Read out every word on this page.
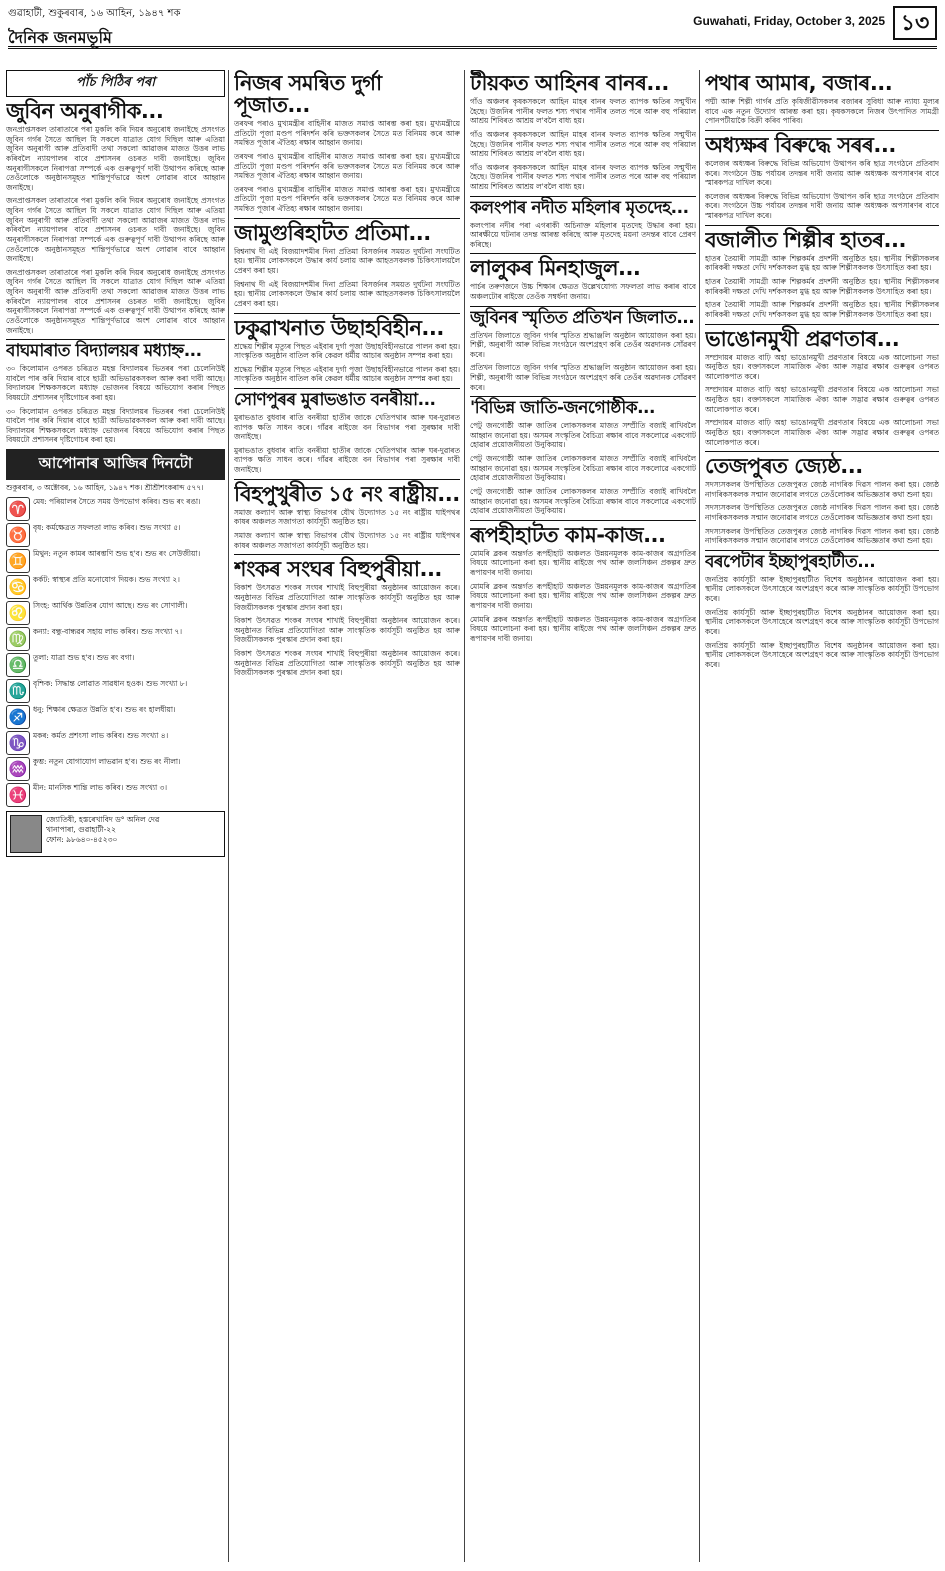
গুৱাহাটী, শুকুৰবাৰ, ১৬ আহিন, ১৯৪৭ শক
দৈনিক জনমভূমি
Guwahati, Friday, October 3, 2025 ১৩
পাঁচ পিঠিৰ পৰা
জুবিন অনুৰাগীক...

জনপ্ৰাপ্তসকল তাৰাতাৰে পৰা মুকলি কৰি দিয়ৰ অনুৰোধ জনাইছে প্ৰসংগত জুবিন গৰ্গৰ সৈতে আছিল যি সকলে যাত্ৰাত যোগ দিছিল আৰু এতিয়া জুবিন অনুৰাগী আৰু প্ৰতিবাদী তথা সকলো আৱাজৰ মাজত উত্তৰ লাভ কৰিবলৈ ন্যায়পালৰ বাবে প্ৰশাসনৰ ওচৰত দাবী জনাইছে। জুবিন অনুৰাগীসকলে নিৰাপত্তা সম্পৰ্কে এক গুৰুত্বপূৰ্ণ দাবী উত্থাপন কৰিছে আৰু তেওঁলোকে অনুষ্ঠানসমূহত শান্তিপূৰ্ণভাৱে অংশ লোৱাৰ বাবে আহ্বান জনাইছে।

জনপ্ৰাপ্তসকল তাৰাতাৰে পৰা মুকলি কৰি দিয়ৰ অনুৰোধ জনাইছে প্ৰসংগত জুবিন গৰ্গৰ সৈতে আছিল যি সকলে যাত্ৰাত যোগ দিছিল আৰু এতিয়া জুবিন অনুৰাগী আৰু প্ৰতিবাদী তথা সকলো আৱাজৰ মাজত উত্তৰ লাভ কৰিবলৈ ন্যায়পালৰ বাবে প্ৰশাসনৰ ওচৰত দাবী জনাইছে। জুবিন অনুৰাগীসকলে নিৰাপত্তা সম্পৰ্কে এক গুৰুত্বপূৰ্ণ দাবী উত্থাপন কৰিছে আৰু তেওঁলোকে অনুষ্ঠানসমূহত শান্তিপূৰ্ণভাৱে অংশ লোৱাৰ বাবে আহ্বান জনাইছে।

জনপ্ৰাপ্তসকল তাৰাতাৰে পৰা মুকলি কৰি দিয়ৰ অনুৰোধ জনাইছে প্ৰসংগত জুবিন গৰ্গৰ সৈতে আছিল যি সকলে যাত্ৰাত যোগ দিছিল আৰু এতিয়া জুবিন অনুৰাগী আৰু প্ৰতিবাদী তথা সকলো আৱাজৰ মাজত উত্তৰ লাভ কৰিবলৈ ন্যায়পালৰ বাবে প্ৰশাসনৰ ওচৰত দাবী জনাইছে। জুবিন অনুৰাগীসকলে নিৰাপত্তা সম্পৰ্কে এক গুৰুত্বপূৰ্ণ দাবী উত্থাপন কৰিছে আৰু তেওঁলোকে অনুষ্ঠানসমূহত শান্তিপূৰ্ণভাৱে অংশ লোৱাৰ বাবে আহ্বান জনাইছে।

বাঘমাৰাত বিদ্যালয়ৰ মধ্যাহ্ন...

৩০ কিলোমান ওপৰত চৰিত্ৰত মহন্ত বিদ্যালয়ৰ ভিতৰৰ পৰা চেলেনিউই যাবলৈ পাৰ কৰি দিয়াৰ বাবে ছাত্ৰী অভিভাৱকসকল আৰু কৰা দাবী আছে। বিদ্যালয়ৰ শিক্ষকসকলে মধ্যাহ্ন ভোজনৰ বিষয়ে অভিযোগ কৰাৰ পিছত বিষয়টো প্ৰশাসনৰ দৃষ্টিগোচৰ কৰা হয়।

৩০ কিলোমান ওপৰত চৰিত্ৰত মহন্ত বিদ্যালয়ৰ ভিতৰৰ পৰা চেলেনিউই যাবলৈ পাৰ কৰি দিয়াৰ বাবে ছাত্ৰী অভিভাৱকসকল আৰু কৰা দাবী আছে। বিদ্যালয়ৰ শিক্ষকসকলে মধ্যাহ্ন ভোজনৰ বিষয়ে অভিযোগ কৰাৰ পিছত বিষয়টো প্ৰশাসনৰ দৃষ্টিগোচৰ কৰা হয়।

আপোনাৰ আজিৰ দিনটো

শুকুৰবাৰ, ৩ অক্টোবৰ, ১৬ আহিন, ১৯৪৭ শক। শ্ৰীশ্ৰীশংকৰাব্দ ৫৭৭।

♈ মেষ: পৰিয়ালৰ সৈতে সময় উপভোগ কৰিব। শুভ ৰং ৰঙা।

♉ বৃষ: কৰ্মক্ষেত্ৰত সফলতা লাভ কৰিব। শুভ সংখ্যা ৫।

♊ মিথুন: নতুন কামৰ আৰম্ভণি শুভ হ'ব। শুভ ৰং সেউজীয়া।

♋ কৰ্কট: স্বাস্থ্যৰ প্ৰতি মনোযোগ দিয়ক। শুভ সংখ্যা ২।

♌ সিংহ: আৰ্থিক উন্নতিৰ যোগ আছে। শুভ ৰং সোণালী।

♍ কন্যা: বন্ধু-বান্ধৱৰ সহায় লাভ কৰিব। শুভ সংখ্যা ৭।

♎ তুলা: যাত্ৰা শুভ হ'ব। শুভ ৰং বগা।

♏ বৃশ্চিক: সিদ্ধান্ত লোৱাত সাৱধান হওক। শুভ সংখ্যা ৮।

♐ ধনু: শিক্ষাৰ ক্ষেত্ৰত উন্নতি হ'ব। শুভ ৰং হালধীয়া।

♑ মকৰ: কৰ্মত প্ৰশংসা লাভ কৰিব। শুভ সংখ্যা ৪।

♒ কুম্ভ: নতুন যোগাযোগ লাভৱান হ'ব। শুভ ৰং নীলা।

♓ মীন: মানসিক শান্তি লাভ কৰিব। শুভ সংখ্যা ৩।

জ্যোতিষী, হস্তৰেখাবিদ ড° অনিল দেৱ
খানাপাৰা, গুৱাহাটী-২২
ফোন: ৯৮৬৪০-৪৫২৩০
নিজৰ সমন্বিত দুৰ্গা পূজাত...

তৰফৰ পৰাও মুখ্যমন্ত্ৰীৰ বাহিনীৰ মাজত সমাপ্ত আৰম্ভ কৰা হয়। মুখ্যমন্ত্ৰীয়ে প্ৰতিটো পূজা মণ্ডপ পৰিদৰ্শন কৰি ভক্তসকলৰ সৈতে মত বিনিময় কৰে আৰু সমন্বিত পূজাৰ ঐতিহ্য ৰক্ষাৰ আহ্বান জনায়।

তৰফৰ পৰাও মুখ্যমন্ত্ৰীৰ বাহিনীৰ মাজত সমাপ্ত আৰম্ভ কৰা হয়। মুখ্যমন্ত্ৰীয়ে প্ৰতিটো পূজা মণ্ডপ পৰিদৰ্শন কৰি ভক্তসকলৰ সৈতে মত বিনিময় কৰে আৰু সমন্বিত পূজাৰ ঐতিহ্য ৰক্ষাৰ আহ্বান জনায়।

তৰফৰ পৰাও মুখ্যমন্ত্ৰীৰ বাহিনীৰ মাজত সমাপ্ত আৰম্ভ কৰা হয়। মুখ্যমন্ত্ৰীয়ে প্ৰতিটো পূজা মণ্ডপ পৰিদৰ্শন কৰি ভক্তসকলৰ সৈতে মত বিনিময় কৰে আৰু সমন্বিত পূজাৰ ঐতিহ্য ৰক্ষাৰ আহ্বান জনায়।

জামুগুৰিহাটত প্ৰতিমা...

বিশ্বনাথ দী এই বিজয়াদশমীৰ দিনা প্ৰতিমা বিসৰ্জনৰ সময়ত দুৰ্ঘটনা সংঘটিত হয়। স্থানীয় লোকসকলে উদ্ধাৰ কাৰ্য চলায় আৰু আহতসকলক চিকিৎসালয়লৈ প্ৰেৰণ কৰা হয়।

বিশ্বনাথ দী এই বিজয়াদশমীৰ দিনা প্ৰতিমা বিসৰ্জনৰ সময়ত দুৰ্ঘটনা সংঘটিত হয়। স্থানীয় লোকসকলে উদ্ধাৰ কাৰ্য চলায় আৰু আহতসকলক চিকিৎসালয়লৈ প্ৰেৰণ কৰা হয়।

ঢকুৱাখনাত উছাহবিহীন...

শ্ৰদ্ধেয় শিল্পীৰ মৃত্যুৰ পিছত এইবাৰ দুৰ্গা পূজা উছাহবিহীনভাৱে পালন কৰা হয়। সাংস্কৃতিক অনুষ্ঠান বাতিল কৰি কেৱল ধৰ্মীয় আচাৰ অনুষ্ঠান সম্পন্ন কৰা হয়।

শ্ৰদ্ধেয় শিল্পীৰ মৃত্যুৰ পিছত এইবাৰ দুৰ্গা পূজা উছাহবিহীনভাৱে পালন কৰা হয়। সাংস্কৃতিক অনুষ্ঠান বাতিল কৰি কেৱল ধৰ্মীয় আচাৰ অনুষ্ঠান সম্পন্ন কৰা হয়।

সোণপুৰৰ মুৰাভঙাত বনৰীয়া...

মুৰাভঙাত বুধবাৰ ৰাতি বনৰীয়া হাতীৰ জাকে খেতিপথাৰ আৰু ঘৰ-দুৱাৰত ব্যাপক ক্ষতি সাধন কৰে। গাঁৱৰ ৰাইজে বন বিভাগৰ পৰা সুৰক্ষাৰ দাবী জনাইছে।

মুৰাভঙাত বুধবাৰ ৰাতি বনৰীয়া হাতীৰ জাকে খেতিপথাৰ আৰু ঘৰ-দুৱাৰত ব্যাপক ক্ষতি সাধন কৰে। গাঁৱৰ ৰাইজে বন বিভাগৰ পৰা সুৰক্ষাৰ দাবী জনাইছে।

বিহপুখুৰীত ১৫ নং ৰাষ্ট্ৰীয়...

সমাজ কল্যাণ আৰু স্বাস্থ্য বিভাগৰ যৌথ উদ্যোগত ১৫ নং ৰাষ্ট্ৰীয় ঘাইপথৰ কাষৰ অঞ্চলত সজাগতা কাৰ্যসূচী অনুষ্ঠিত হয়।

সমাজ কল্যাণ আৰু স্বাস্থ্য বিভাগৰ যৌথ উদ্যোগত ১৫ নং ৰাষ্ট্ৰীয় ঘাইপথৰ কাষৰ অঞ্চলত সজাগতা কাৰ্যসূচী অনুষ্ঠিত হয়।

শংকৰ সংঘৰ বিহুপুৰীয়া...

বিকাশ উৎসৱত শংকৰ সংঘৰ শাখাই বিহুপুৰীয়া অনুষ্ঠানৰ আয়োজন কৰে। অনুষ্ঠানত বিভিন্ন প্ৰতিযোগিতা আৰু সাংস্কৃতিক কাৰ্যসূচী অনুষ্ঠিত হয় আৰু বিজয়ীসকলক পুৰস্কাৰ প্ৰদান কৰা হয়।

বিকাশ উৎসৱত শংকৰ সংঘৰ শাখাই বিহুপুৰীয়া অনুষ্ঠানৰ আয়োজন কৰে। অনুষ্ঠানত বিভিন্ন প্ৰতিযোগিতা আৰু সাংস্কৃতিক কাৰ্যসূচী অনুষ্ঠিত হয় আৰু বিজয়ীসকলক পুৰস্কাৰ প্ৰদান কৰা হয়।

বিকাশ উৎসৱত শংকৰ সংঘৰ শাখাই বিহুপুৰীয়া অনুষ্ঠানৰ আয়োজন কৰে। অনুষ্ঠানত বিভিন্ন প্ৰতিযোগিতা আৰু সাংস্কৃতিক কাৰ্যসূচী অনুষ্ঠিত হয় আৰু বিজয়ীসকলক পুৰস্কাৰ প্ৰদান কৰা হয়।

টীয়কত আহিনৰ বানৰ...

গাঁও অঞ্চলৰ কৃষকসকলে আহিন মাহৰ বানৰ ফলত ব্যাপক ক্ষতিৰ সন্মুখীন হৈছে। উজনিৰ পানীৰ ফলত শস্য পথাৰ পানীৰ তলত পৰে আৰু বহু পৰিয়াল আশ্ৰয় শিবিৰত আশ্ৰয় ল'বলৈ বাধ্য হয়।

গাঁও অঞ্চলৰ কৃষকসকলে আহিন মাহৰ বানৰ ফলত ব্যাপক ক্ষতিৰ সন্মুখীন হৈছে। উজনিৰ পানীৰ ফলত শস্য পথাৰ পানীৰ তলত পৰে আৰু বহু পৰিয়াল আশ্ৰয় শিবিৰত আশ্ৰয় ল'বলৈ বাধ্য হয়।

গাঁও অঞ্চলৰ কৃষকসকলে আহিন মাহৰ বানৰ ফলত ব্যাপক ক্ষতিৰ সন্মুখীন হৈছে। উজনিৰ পানীৰ ফলত শস্য পথাৰ পানীৰ তলত পৰে আৰু বহু পৰিয়াল আশ্ৰয় শিবিৰত আশ্ৰয় ল'বলৈ বাধ্য হয়।

কলংপাৰ নদীত মহিলাৰ মৃতদেহ...

কলংপাৰ নদীৰ পৰা এগৰাকী অচিনাক্ত মহিলাৰ মৃতদেহ উদ্ধাৰ কৰা হয়। আৰক্ষীয়ে ঘটনাৰ তদন্ত আৰম্ভ কৰিছে আৰু মৃতদেহ ময়না তদন্তৰ বাবে প্ৰেৰণ কৰিছে।

লালুকৰ মিনহাজুল...

পাৰ্চৰ তৰুণজনে উচ্চ শিক্ষাৰ ক্ষেত্ৰত উল্লেখযোগ্য সফলতা লাভ কৰাৰ বাবে অঞ্চলটোৰ ৰাইজে তেওঁক সম্বৰ্ধনা জনায়।

জুবিনৰ স্মৃতিত প্ৰতিখন জিলাত...

প্ৰতিখন জিলাতে জুবিন গৰ্গৰ স্মৃতিত শ্ৰদ্ধাঞ্জলি অনুষ্ঠান আয়োজন কৰা হয়। শিল্পী, অনুৰাগী আৰু বিভিন্ন সংগঠনে অংশগ্ৰহণ কৰি তেওঁৰ অৱদানক সোঁৱৰণ কৰে।

প্ৰতিখন জিলাতে জুবিন গৰ্গৰ স্মৃতিত শ্ৰদ্ধাঞ্জলি অনুষ্ঠান আয়োজন কৰা হয়। শিল্পী, অনুৰাগী আৰু বিভিন্ন সংগঠনে অংশগ্ৰহণ কৰি তেওঁৰ অৱদানক সোঁৱৰণ কৰে।

'বিভিন্ন জাতি-জনগোষ্ঠীক...

পেটু জনগোষ্ঠী আৰু জাতিৰ লোকসকলৰ মাজত সম্প্ৰীতি বজাই ৰাখিবলৈ আহ্বান জনোৱা হয়। অসমৰ সংস্কৃতিৰ বৈচিত্ৰ্য ৰক্ষাৰ বাবে সকলোৱে একগোট হোৱাৰ প্ৰয়োজনীয়তা উনুকিয়ায়।

পেটু জনগোষ্ঠী আৰু জাতিৰ লোকসকলৰ মাজত সম্প্ৰীতি বজাই ৰাখিবলৈ আহ্বান জনোৱা হয়। অসমৰ সংস্কৃতিৰ বৈচিত্ৰ্য ৰক্ষাৰ বাবে সকলোৱে একগোট হোৱাৰ প্ৰয়োজনীয়তা উনুকিয়ায়।

পেটু জনগোষ্ঠী আৰু জাতিৰ লোকসকলৰ মাজত সম্প্ৰীতি বজাই ৰাখিবলৈ আহ্বান জনোৱা হয়। অসমৰ সংস্কৃতিৰ বৈচিত্ৰ্য ৰক্ষাৰ বাবে সকলোৱে একগোট হোৱাৰ প্ৰয়োজনীয়তা উনুকিয়ায়।

ৰূপহীহাটত কাম-কাজ...

মোমৰি ব্লকৰ অন্তৰ্গত ৰূপহীহাট অঞ্চলত উন্নয়নমূলক কাম-কাজৰ অগ্ৰগতিৰ বিষয়ে আলোচনা কৰা হয়। স্থানীয় ৰাইজে পথ আৰু জলসিঞ্চন প্ৰকল্পৰ দ্ৰুত ৰূপায়ণৰ দাবী জনায়।

মোমৰি ব্লকৰ অন্তৰ্গত ৰূপহীহাট অঞ্চলত উন্নয়নমূলক কাম-কাজৰ অগ্ৰগতিৰ বিষয়ে আলোচনা কৰা হয়। স্থানীয় ৰাইজে পথ আৰু জলসিঞ্চন প্ৰকল্পৰ দ্ৰুত ৰূপায়ণৰ দাবী জনায়।

মোমৰি ব্লকৰ অন্তৰ্গত ৰূপহীহাট অঞ্চলত উন্নয়নমূলক কাম-কাজৰ অগ্ৰগতিৰ বিষয়ে আলোচনা কৰা হয়। স্থানীয় ৰাইজে পথ আৰু জলসিঞ্চন প্ৰকল্পৰ দ্ৰুত ৰূপায়ণৰ দাবী জনায়।

পথাৰ আমাৰ, বজাৰ...

পদ্মী আৰু শিল্পী গাৰ্গৰ প্ৰতি কৃষিজীৱীসকলৰ বজাৰৰ সুবিধা আৰু ন্যায্য মূল্যৰ বাবে এক নতুন উদ্যোগ আৰম্ভ কৰা হয়। কৃষকসকলে নিজৰ উৎপাদিত সামগ্ৰী পোনপটীয়াকৈ বিক্ৰী কৰিব পাৰিব।

অধ্যক্ষৰ বিৰুদ্ধে সৰৰ...

কলেজৰ অধ্যক্ষৰ বিৰুদ্ধে বিভিন্ন অভিযোগ উত্থাপন কৰি ছাত্ৰ সংগঠনে প্ৰতিবাদ কৰে। সংগঠনে উচ্চ পৰ্যায়ৰ তদন্তৰ দাবী জনায় আৰু অধ্যক্ষক অপসাৰণৰ বাবে স্মাৰকপত্ৰ দাখিল কৰে।

কলেজৰ অধ্যক্ষৰ বিৰুদ্ধে বিভিন্ন অভিযোগ উত্থাপন কৰি ছাত্ৰ সংগঠনে প্ৰতিবাদ কৰে। সংগঠনে উচ্চ পৰ্যায়ৰ তদন্তৰ দাবী জনায় আৰু অধ্যক্ষক অপসাৰণৰ বাবে স্মাৰকপত্ৰ দাখিল কৰে।

বজালীত শিল্পীৰ হাতৰ...

হাতৰ তৈয়াৰী সামগ্ৰী আৰু শিল্পকৰ্মৰ প্ৰদৰ্শনী অনুষ্ঠিত হয়। স্থানীয় শিল্পীসকলৰ কাৰিকৰী দক্ষতা দেখি দৰ্শকসকল মুগ্ধ হয় আৰু শিল্পীসকলক উৎসাহিত কৰা হয়।

হাতৰ তৈয়াৰী সামগ্ৰী আৰু শিল্পকৰ্মৰ প্ৰদৰ্শনী অনুষ্ঠিত হয়। স্থানীয় শিল্পীসকলৰ কাৰিকৰী দক্ষতা দেখি দৰ্শকসকল মুগ্ধ হয় আৰু শিল্পীসকলক উৎসাহিত কৰা হয়।

হাতৰ তৈয়াৰী সামগ্ৰী আৰু শিল্পকৰ্মৰ প্ৰদৰ্শনী অনুষ্ঠিত হয়। স্থানীয় শিল্পীসকলৰ কাৰিকৰী দক্ষতা দেখি দৰ্শকসকল মুগ্ধ হয় আৰু শিল্পীসকলক উৎসাহিত কৰা হয়।

ভাঙোনমুখী প্ৰৱণতাৰ...

সম্প্ৰদায়ৰ মাজত বাঢ়ি অহা ভাঙোনমুখী প্ৰৱণতাৰ বিষয়ে এক আলোচনা সভা অনুষ্ঠিত হয়। বক্তাসকলে সামাজিক ঐক্য আৰু সদ্ভাৱ ৰক্ষাৰ গুৰুত্বৰ ওপৰত আলোকপাত কৰে।

সম্প্ৰদায়ৰ মাজত বাঢ়ি অহা ভাঙোনমুখী প্ৰৱণতাৰ বিষয়ে এক আলোচনা সভা অনুষ্ঠিত হয়। বক্তাসকলে সামাজিক ঐক্য আৰু সদ্ভাৱ ৰক্ষাৰ গুৰুত্বৰ ওপৰত আলোকপাত কৰে।

সম্প্ৰদায়ৰ মাজত বাঢ়ি অহা ভাঙোনমুখী প্ৰৱণতাৰ বিষয়ে এক আলোচনা সভা অনুষ্ঠিত হয়। বক্তাসকলে সামাজিক ঐক্য আৰু সদ্ভাৱ ৰক্ষাৰ গুৰুত্বৰ ওপৰত আলোকপাত কৰে।

তেজপুৰত জ্যেষ্ঠ...

সদস্যসকলৰ উপস্থিতিত তেজপুৰত জ্যেষ্ঠ নাগৰিক দিৱস পালন কৰা হয়। জ্যেষ্ঠ নাগৰিকসকলক সন্মান জনোৱাৰ লগতে তেওঁলোকৰ অভিজ্ঞতাৰ কথা শুনা হয়।

সদস্যসকলৰ উপস্থিতিত তেজপুৰত জ্যেষ্ঠ নাগৰিক দিৱস পালন কৰা হয়। জ্যেষ্ঠ নাগৰিকসকলক সন্মান জনোৱাৰ লগতে তেওঁলোকৰ অভিজ্ঞতাৰ কথা শুনা হয়।

সদস্যসকলৰ উপস্থিতিত তেজপুৰত জ্যেষ্ঠ নাগৰিক দিৱস পালন কৰা হয়। জ্যেষ্ঠ নাগৰিকসকলক সন্মান জনোৱাৰ লগতে তেওঁলোকৰ অভিজ্ঞতাৰ কথা শুনা হয়।

বৰপেটাৰ ইচ্ছাপুৰহাটীত...

জনপ্ৰিয় কাৰ্যসূচী আৰু ইচ্ছাপুৰহাটীত বিশেষ অনুষ্ঠানৰ আয়োজন কৰা হয়। স্থানীয় লোকসকলে উৎসাহেৰে অংশগ্ৰহণ কৰে আৰু সাংস্কৃতিক কাৰ্যসূচী উপভোগ কৰে।

জনপ্ৰিয় কাৰ্যসূচী আৰু ইচ্ছাপুৰহাটীত বিশেষ অনুষ্ঠানৰ আয়োজন কৰা হয়। স্থানীয় লোকসকলে উৎসাহেৰে অংশগ্ৰহণ কৰে আৰু সাংস্কৃতিক কাৰ্যসূচী উপভোগ কৰে।

জনপ্ৰিয় কাৰ্যসূচী আৰু ইচ্ছাপুৰহাটীত বিশেষ অনুষ্ঠানৰ আয়োজন কৰা হয়। স্থানীয় লোকসকলে উৎসাহেৰে অংশগ্ৰহণ কৰে আৰু সাংস্কৃতিক কাৰ্যসূচী উপভোগ কৰে।
